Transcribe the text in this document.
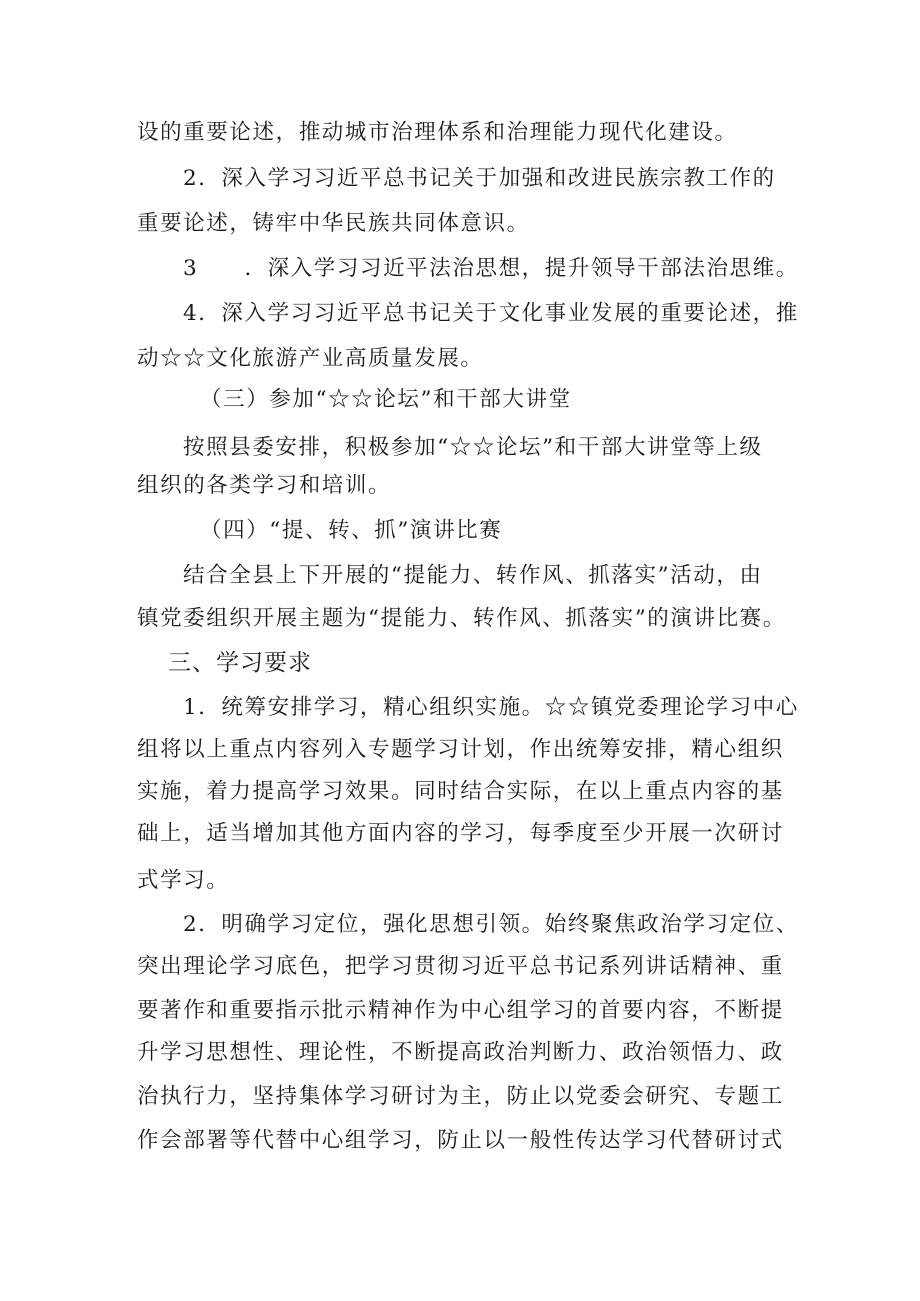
设的重要论述，推动城市治理体系和治理能力现代化建设。
2．深入学习习近平总书记关于加强和改进民族宗教工作的
重要论述，铸牢中华民族共同体意识。
3　　．深入学习习近平法治思想，提升领导干部法治思维。
4．深入学习习近平总书记关于文化事业发展的重要论述，推
动☆☆文化旅游产业高质量发展。
（三）参加“☆☆论坛”和干部大讲堂
按照县委安排，积极参加“☆☆论坛”和干部大讲堂等上级
组织的各类学习和培训。
（四）“提、转、抓”演讲比赛
结合全县上下开展的“提能力、转作风、抓落实”活动，由
镇党委组织开展主题为“提能力、转作风、抓落实”的演讲比赛。
三、学习要求
1．统筹安排学习，精心组织实施。☆☆镇党委理论学习中心
组将以上重点内容列入专题学习计划，作出统筹安排，精心组织
实施，着力提高学习效果。同时结合实际，在以上重点内容的基
础上，适当增加其他方面内容的学习，每季度至少开展一次研讨
式学习。
2．明确学习定位，强化思想引领。始终聚焦政治学习定位、
突出理论学习底色，把学习贯彻习近平总书记系列讲话精神、重
要著作和重要指示批示精神作为中心组学习的首要内容，不断提
升学习思想性、理论性，不断提高政治判断力、政治领悟力、政
治执行力，坚持集体学习研讨为主，防止以党委会研究、专题工
作会部署等代替中心组学习，防止以一般性传达学习代替研讨式
